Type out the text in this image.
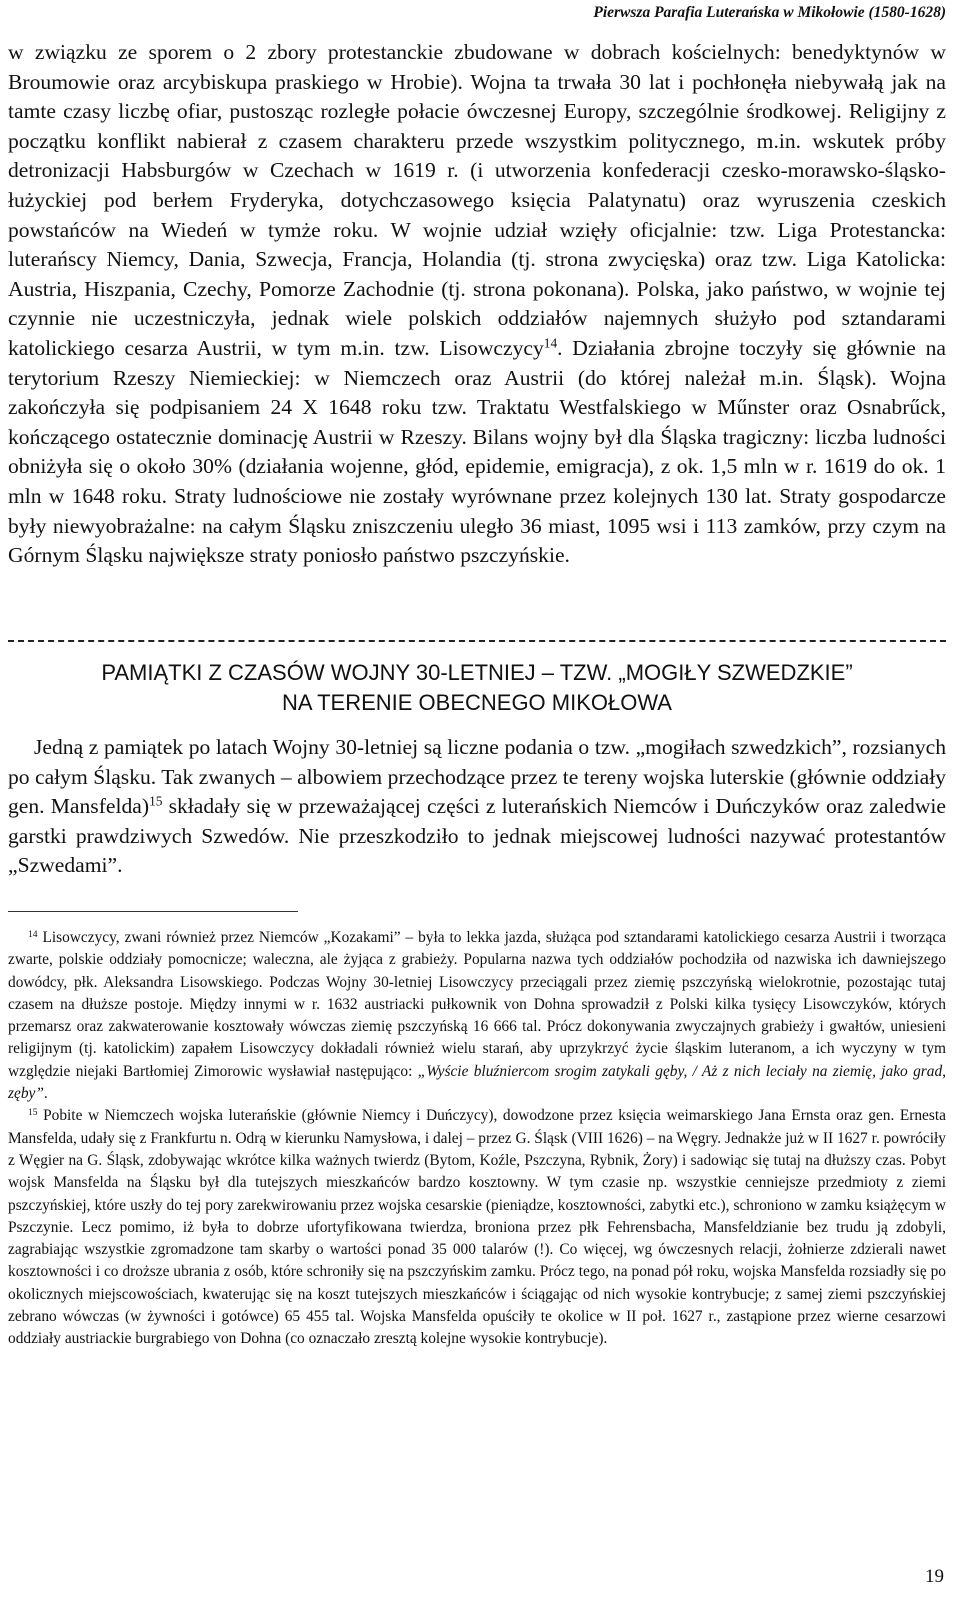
Pierwsza Parafia Luterańska w Mikołowie (1580-1628)

w związku ze sporem o 2 zbory protestanckie zbudowane w dobrach kościelnych: benedyktynów w Broumowie oraz arcybiskupa praskiego w Hrobie). Wojna ta trwała 30 lat i pochłonęła niebywałą jak na tamte czasy liczbę ofiar, pustosząc rozległe połacie ówczesnej Europy, szczególnie środkowej. Religijny z początku konflikt nabierał z czasem charakteru przede wszystkim politycznego, m.in. wskutek próby detronizacji Habsburgów w Czechach w 1619 r. (i utworzenia konfederacji czesko-morawsko-śląsko-łużyckiej pod berłem Fryderyka, dotychczasowego księcia Palatynatu) oraz wyruszenia czeskich powstańców na Wiedeń w tymże roku. W wojnie udział wzięły oficjalnie: tzw. Liga Protestancka: luterańscy Niemcy, Dania, Szwecja, Francja, Holandia (tj. strona zwycięska) oraz tzw. Liga Katolicka: Austria, Hiszpania, Czechy, Pomorze Zachodnie (tj. strona pokonana). Polska, jako państwo, w wojnie tej czynnie nie uczestniczyła, jednak wiele polskich oddziałów najemnych służyło pod sztandarami katolickiego cesarza Austrii, w tym m.in. tzw. Lisowczycy$^{14}$. Działania zbrojne toczyły się głównie na terytorium Rzeszy Niemieckiej: w Niemczech oraz Austrii (do której należał m.in. Śląsk). Wojna zakończyła się podpisaniem 24 X 1648 roku tzw. Traktatu Westfalskiego w Műnster oraz Osnabrűck, kończącego ostatecznie dominację Austrii w Rzeszy. Bilans wojny był dla Śląska tragiczny: liczba ludności obniżyła się o około 30% (działania wojenne, głód, epidemie, emigracja), z ok. 1,5 mln w r. 1619 do ok. 1 mln w 1648 roku. Straty ludnościowe nie zostały wyrównane przez kolejnych 130 lat. Straty gospodarcze były niewyobrażalne: na całym Śląsku zniszczeniu uległo 36 miast, 1095 wsi i 113 zamków, przy czym na Górnym Śląsku największe straty poniosło państwo pszczyńskie.

PAMIĄTKI Z CZASÓW WOJNY 30-LETNIEJ – TZW. „MOGIŁY SZWEDZKIE”
NA TERENIE OBECNEGO MIKOŁOWA

Jedną z pamiątek po latach Wojny 30-letniej są liczne podania o tzw. „mogiłach szwedzkich”, rozsianych po całym Śląsku. Tak zwanych – albowiem przechodzące przez te tereny wojska luterskie (głównie oddziały gen. Mansfelda)$^{15}$ składały się w przeważającej części z luterańskich Niemców i Duńczyków oraz zaledwie garstki prawdziwych Szwedów. Nie przeszkodziło to jednak miejscowej ludności nazywać protestantów „Szwedami”.

$^{14}$ Lisowczycy, zwani również przez Niemców „Kozakami” – była to lekka jazda, służąca pod sztandarami katolickiego cesarza Austrii i tworząca zwarte, polskie oddziały pomocnicze; waleczna, ale żyjąca z grabieży. Popularna nazwa tych oddziałów pochodziła od nazwiska ich dawniejszego dowódcy, płk. Aleksandra Lisowskiego. Podczas Wojny 30-letniej Lisowczycy przeciągali przez ziemię pszczyńską wielokrotnie, pozostając tutaj czasem na dłuższe postoje. Między innymi w r. 1632 austriacki pułkownik von Dohna sprowadził z Polski kilka tysięcy Lisowczyków, których przemarsz oraz zakwaterowanie kosztowały wówczas ziemię pszczyńską 16 666 tal. Prócz dokonywania zwyczajnych grabieży i gwałtów, uniesieni religijnym (tj. katolickim) zapałem Lisowczycy dokładali również wielu starań, aby uprzykrzyć życie śląskim luteranom, a ich wyczyny w tym względzie niejaki Bartłomiej Zimorowic wysławiał następująco: „Wyście bluźniercom srogim zatykali gęby, / Aż z nich leciały na ziemię, jako grad, zęby”.

$^{15}$ Pobite w Niemczech wojska luterańskie (głównie Niemcy i Duńczycy), dowodzone przez księcia weimarskiego Jana Ernsta oraz gen. Ernesta Mansfelda, udały się z Frankfurtu n. Odrą w kierunku Namysłowa, i dalej – przez G. Śląsk (VIII 1626) – na Węgry. Jednakże już w II 1627 r. powróciły z Węgier na G. Śląsk, zdobywając wkrótce kilka ważnych twierdz (Bytom, Koźle, Pszczyna, Rybnik, Żory) i sadowiąc się tutaj na dłuższy czas. Pobyt wojsk Mansfelda na Śląsku był dla tutejszych mieszkańców bardzo kosztowny. W tym czasie np. wszystkie cenniejsze przedmioty z ziemi pszczyńskiej, które uszły do tej pory zarekwirowaniu przez wojska cesarskie (pieniądze, kosztowności, zabytki etc.), schroniono w zamku książęcym w Pszczynie. Lecz pomimo, iż była to dobrze ufortyfikowana twierdza, broniona przez płk Fehrensbacha, Mansfeldzianie bez trudu ją zdobyli, zagrabiając wszystkie zgromadzone tam skarby o wartości ponad 35 000 talarów (!). Co więcej, wg ówczesnych relacji, żołnierze zdzierali nawet kosztowności i co droższe ubrania z osób, które schroniły się na pszczyńskim zamku. Prócz tego, na ponad pół roku, wojska Mansfelda rozsiadły się po okolicznych miejscowościach, kwaterując się na koszt tutejszych mieszkańców i ściągając od nich wysokie kontrybucje; z samej ziemi pszczyńskiej zebrano wówczas (w żywności i gotówce) 65 455 tal. Wojska Mansfelda opuściły te okolice w II poł. 1627 r., zastąpione przez wierne cesarzowi oddziały austriackie burgrabiego von Dohna (co oznaczało zresztą kolejne wysokie kontrybucje).

19
